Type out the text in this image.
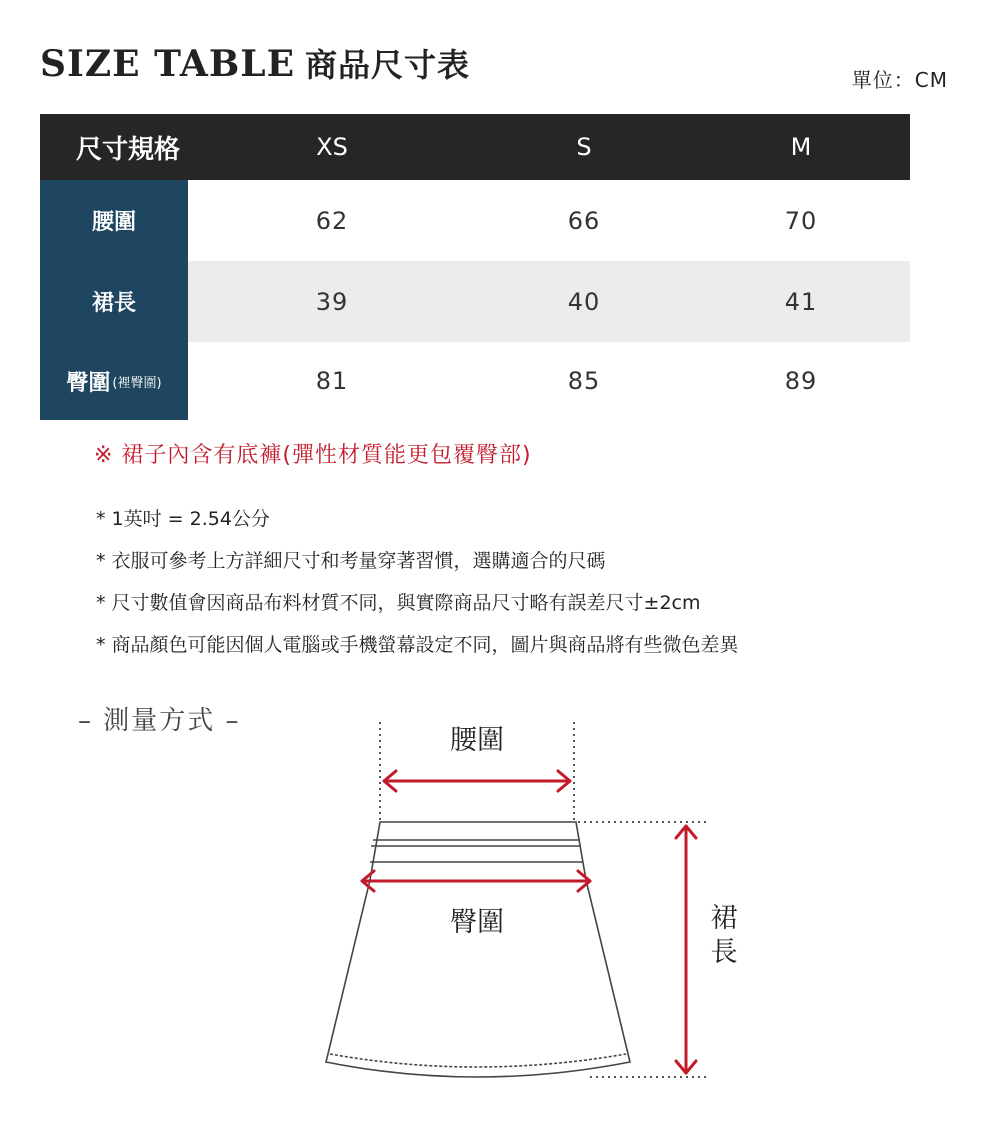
SIZE TABLE 商品尺寸表	單位：CM
尺寸規格	XS	S	M
腰圍	62	66	70
裙長	39	40	41
臀圍 (裡臀圍)	81	85	89
※ 裙子內含有底褲(彈性材質能更包覆臀部)
* 1英吋 = 2.54公分
* 衣服可參考上方詳細尺寸和考量穿著習慣，選購適合的尺碼
* 尺寸數值會因商品布料材質不同，與實際商品尺寸略有誤差尺寸±2cm
* 商品顏色可能因個人電腦或手機螢幕設定不同，圖片與商品將有些微色差異
– 測量方式 –
腰圍
臀圍	裙長
